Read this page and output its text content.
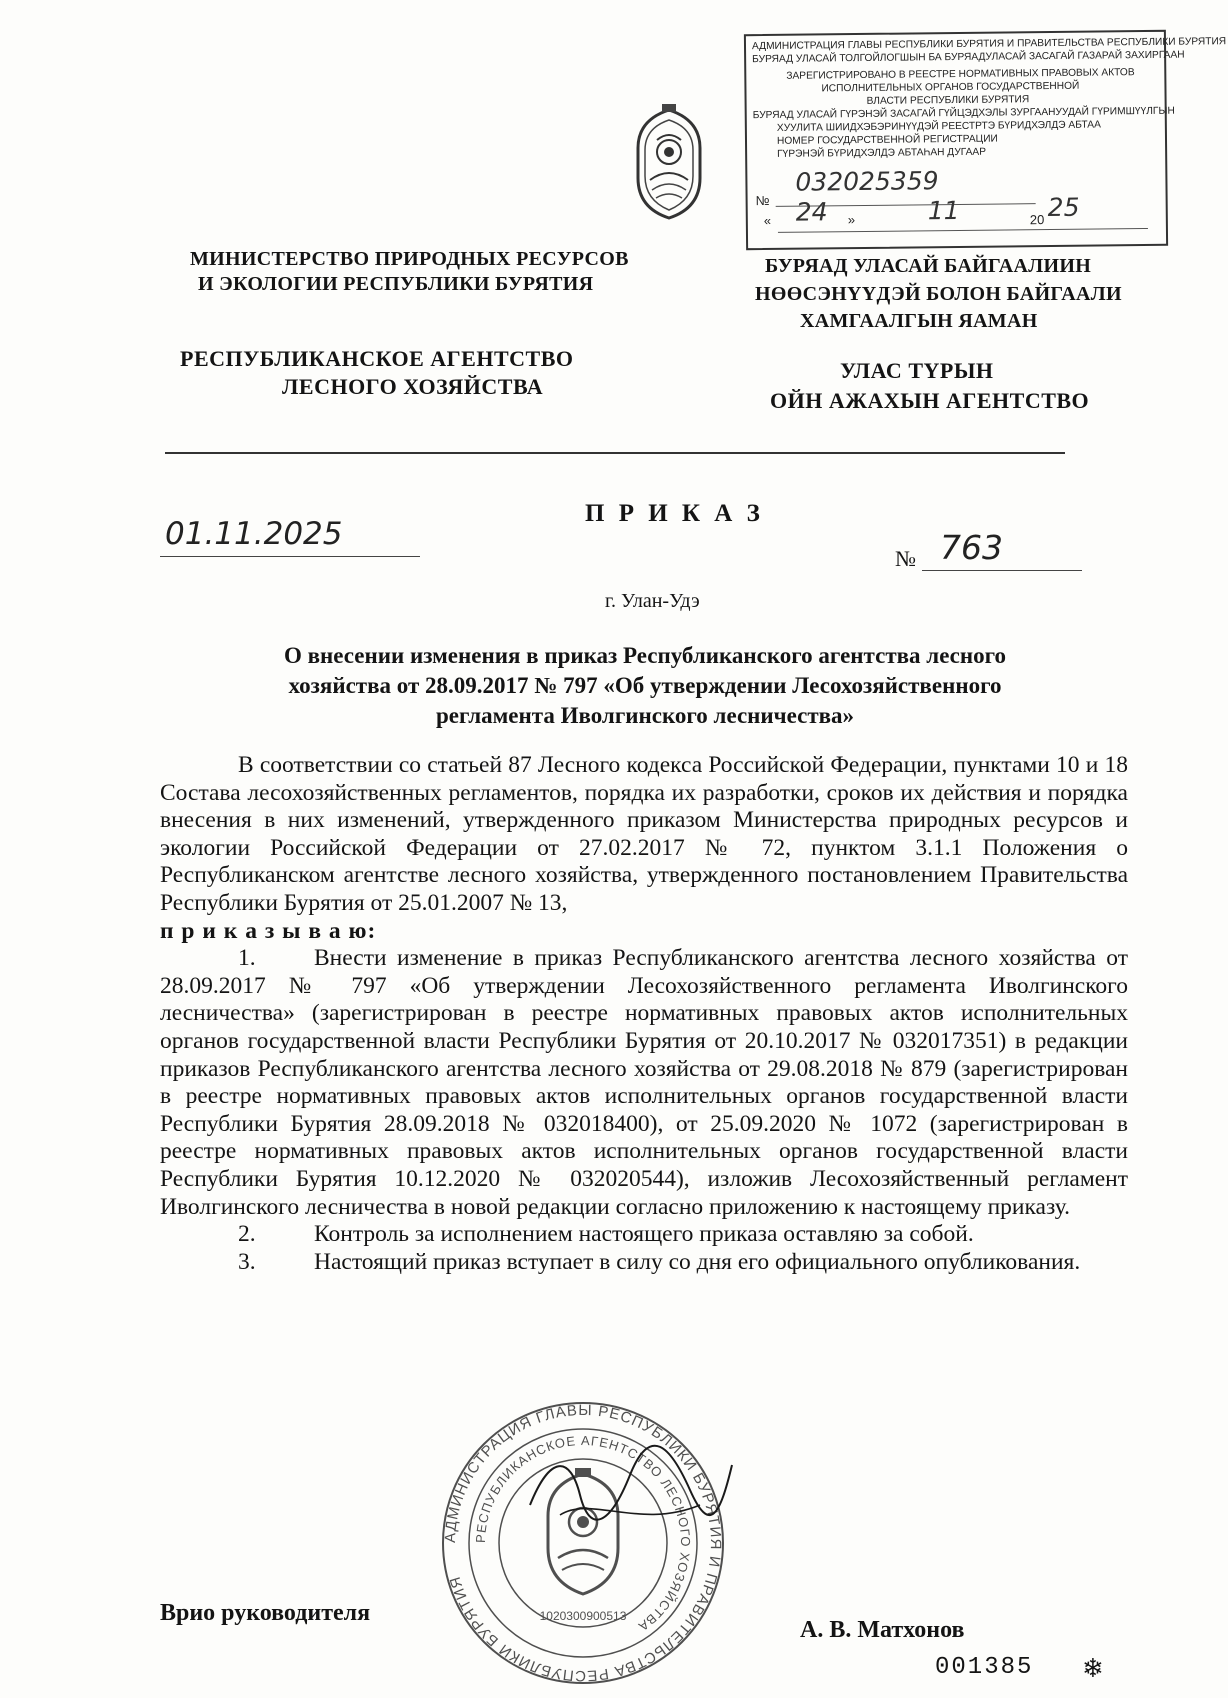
АДМИНИСТРАЦИЯ ГЛАВЫ РЕСПУБЛИКИ БУРЯТИЯ И ПРАВИТЕЛЬСТВА РЕСПУБЛИКИ БУРЯТИЯ
БУРЯАД УЛАСАЙ ТОЛГОЙЛОГШЫН БА БУРЯАДУЛАСАЙ ЗАСАГАЙ ГАЗАРАЙ ЗАХИРГААН
ЗАРЕГИСТРИРОВАНО В РЕЕСТРЕ НОРМАТИВНЫХ ПРАВОВЫХ АКТОВ
ИСПОЛНИТЕЛЬНЫХ ОРГАНОВ ГОСУДАРСТВЕННОЙ
ВЛАСТИ РЕСПУБЛИКИ БУРЯТИЯ
БУРЯАД УЛАСАЙ ГҮРЭНЭЙ ЗАСАГАЙ ГҮЙЦЭДХЭЛЫ ЗУРГААНУУДАЙ ГҮРИМШҮҮЛГЫН
ХУУЛИТА ШИИДХЭБЭРИНҮҮДЭЙ РЕЕСТРТЭ БҮРИДХЭЛДЭ АБТАА
НОМЕР ГОСУДАРСТВЕННОЙ РЕГИСТРАЦИИ
ГҮРЭНЭЙ БҮРИДХЭЛДЭ АБТАҺАН ДУГААР
№
032025359
« 24 »	11	20 25
МИНИСТЕРСТВО ПРИРОДНЫХ РЕСУРСОВ
И ЭКОЛОГИИ РЕСПУБЛИКИ БУРЯТИЯ
РЕСПУБЛИКАНСКОЕ АГЕНТСТВО
ЛЕСНОГО ХОЗЯЙСТВА
БУРЯАД УЛАСАЙ БАЙГААЛИИН
НӨӨСЭНҮҮДЭЙ БОЛОН БАЙГААЛИ
ХАМГААЛГЫН ЯАМАН
УЛАС ТҮРЫН
ОЙН АЖАХЫН АГЕНТСТВО
П Р И К А З
01.11.2025
№ 763
г. Улан-Удэ
О внесении изменения в приказ Республиканского агентства лесного
хозяйства от 28.09.2017 № 797 «Об утверждении Лесохозяйственного
регламента Иволгинского лесничества»
В соответствии со статьей 87 Лесного кодекса Российской Федерации, пунктами 10 и 18 Состава лесохозяйственных регламентов, порядка их разработки, сроков их действия и порядка внесения в них изменений, утвержденного приказом Министерства природных ресурсов и экологии Российской Федерации от 27.02.2017 № 72, пунктом 3.1.1 Положения о Республиканском агентстве лесного хозяйства, утвержденного постановлением Правительства Республики Бурятия от 25.01.2007 № 13,
п р и к а з ы в а ю:
1. Внести изменение в приказ Республиканского агентства лесного хозяйства от 28.09.2017 № 797 «Об утверждении Лесохозяйственного регламента Иволгинского лесничества» (зарегистрирован в реестре нормативных правовых актов исполнительных органов государственной власти Республики Бурятия от 20.10.2017 № 032017351) в редакции приказов Республиканского агентства лесного хозяйства от 29.08.2018 № 879 (зарегистрирован в реестре нормативных правовых актов исполнительных органов государственной власти Республики Бурятия 28.09.2018 № 032018400), от 25.09.2020 № 1072 (зарегистрирован в реестре нормативных правовых актов исполнительных органов государственной власти Республики Бурятия 10.12.2020 № 032020544), изложив Лесохозяйственный регламент Иволгинского лесничества в новой редакции согласно приложению к настоящему приказу.
2. Контроль за исполнением настоящего приказа оставляю за собой.
3. Настоящий приказ вступает в силу со дня его официального опубликования.
АДМИНИСТРАЦИЯ ГЛАВЫ РЕСПУБЛИКИ БУРЯТИЯ И ПРАВИТЕЛЬСТВА РЕСПУБЛИКИ БУРЯТИЯ
РЕСПУБЛИКАНСКОЕ АГЕНТСТВО ЛЕСНОГО ХОЗЯЙСТВА
1020300900513
Врио руководителя
А. В. Матхонов
001385 ❄
